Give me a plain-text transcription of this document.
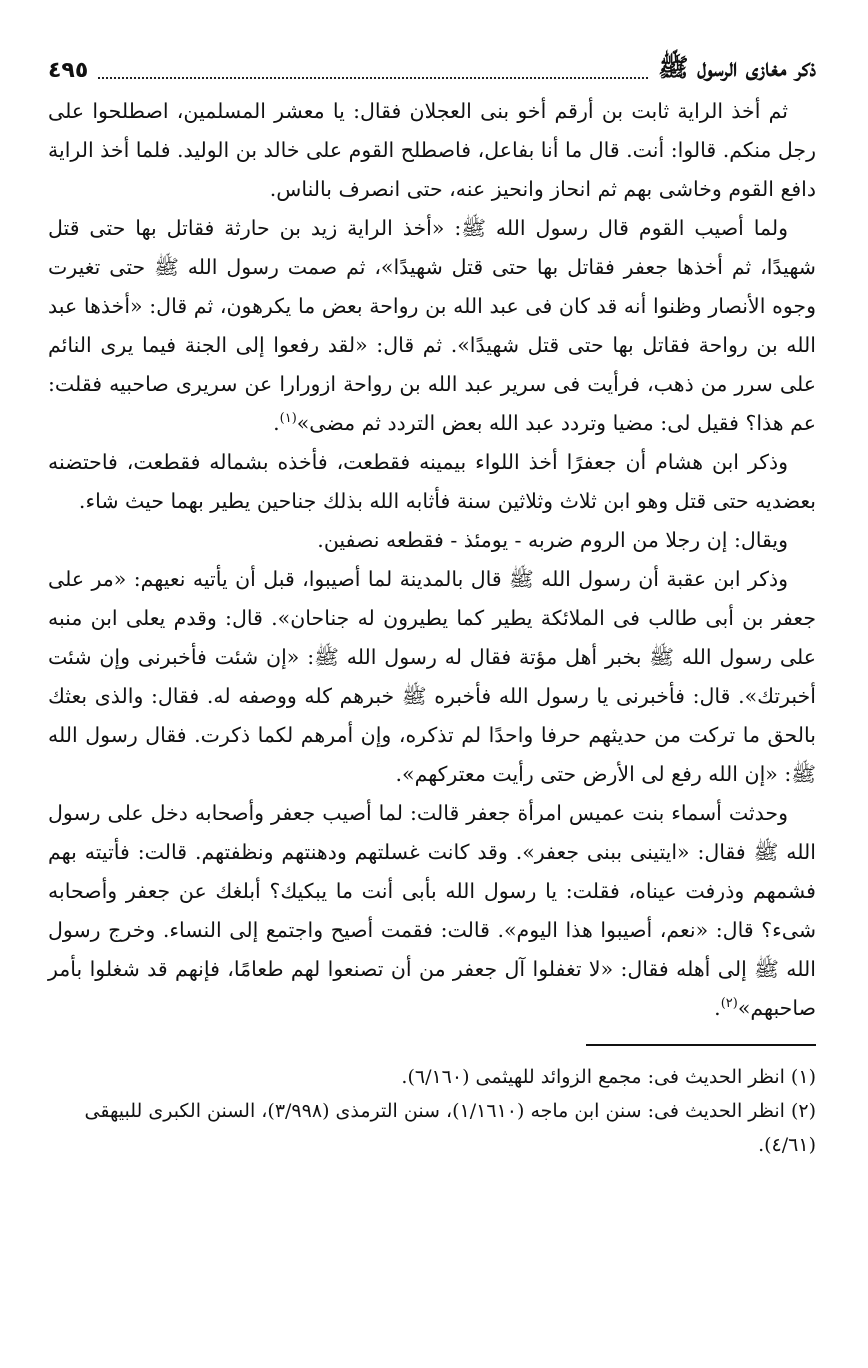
ذكر مغازى الرسول ﷺ
٤٩٥

ثم أخذ الراية ثابت بن أرقم أخو بنى العجلان فقال: يا معشر المسلمين، اصطلحوا على رجل منكم. قالوا: أنت. قال ما أنا بفاعل، فاصطلح القوم على خالد بن الوليد. فلما أخذ الراية دافع القوم وخاشى بهم ثم انحاز وانحيز عنه، حتى انصرف بالناس.

ولما أصيب القوم قال رسول الله ﷺ: «أخذ الراية زيد بن حارثة فقاتل بها حتى قتل شهيدًا، ثم أخذها جعفر فقاتل بها حتى قتل شهيدًا»، ثم صمت رسول الله ﷺ حتى تغيرت وجوه الأنصار وظنوا أنه قد كان فى عبد الله بن رواحة بعض ما يكرهون، ثم قال: «أخذها عبد الله بن رواحة فقاتل بها حتى قتل شهيدًا». ثم قال: «لقد رفعوا إلى الجنة فيما يرى النائم على سرر من ذهب، فرأيت فى سرير عبد الله بن رواحة ازورارا عن سريرى صاحبيه فقلت: عم هذا؟ فقيل لى: مضيا وتردد عبد الله بعض التردد ثم مضى»$^{(١)}$.

وذكر ابن هشام أن جعفرًا أخذ اللواء بيمينه فقطعت، فأخذه بشماله فقطعت، فاحتضنه بعضديه حتى قتل وهو ابن ثلاث وثلاثين سنة فأثابه الله بذلك جناحين يطير بهما حيث شاء.

ويقال: إن رجلا من الروم ضربه - يومئذ - فقطعه نصفين.

وذكر ابن عقبة أن رسول الله ﷺ قال بالمدينة لما أصيبوا، قبل أن يأتيه نعيهم: «مر على جعفر بن أبى طالب فى الملائكة يطير كما يطيرون له جناحان». قال: وقدم يعلى ابن منبه على رسول الله ﷺ بخبر أهل مؤتة فقال له رسول الله ﷺ: «إن شئت فأخبرنى وإن شئت أخبرتك». قال: فأخبرنى يا رسول الله فأخبره ﷺ خبرهم كله ووصفه له. فقال: والذى بعثك بالحق ما تركت من حديثهم حرفا واحدًا لم تذكره، وإن أمرهم لكما ذكرت. فقال رسول الله ﷺ: «إن الله رفع لى الأرض حتى رأيت معتركهم».

وحدثت أسماء بنت عميس امرأة جعفر قالت: لما أصيب جعفر وأصحابه دخل على رسول الله ﷺ فقال: «ايتينى ببنى جعفر». وقد كانت غسلتهم ودهنتهم ونظفتهم. قالت: فأتيته بهم فشمهم وذرفت عيناه، فقلت: يا رسول الله بأبى أنت ما يبكيك؟ أبلغك عن جعفر وأصحابه شىء؟ قال: «نعم، أصيبوا هذا اليوم». قالت: فقمت أصيح واجتمع إلى النساء. وخرج رسول الله ﷺ إلى أهله فقال: «لا تغفلوا آل جعفر من أن تصنعوا لهم طعامًا، فإنهم قد شغلوا بأمر صاحبهم»$^{(٢)}$.

(١) انظر الحديث فى: مجمع الزوائد للهيثمى (٦/١٦٠).

(٢) انظر الحديث فى: سنن ابن ماجه (١/١٦١٠)، سنن الترمذى (٣/٩٩٨)، السنن الكبرى للبيهقى (٤/٦١).
